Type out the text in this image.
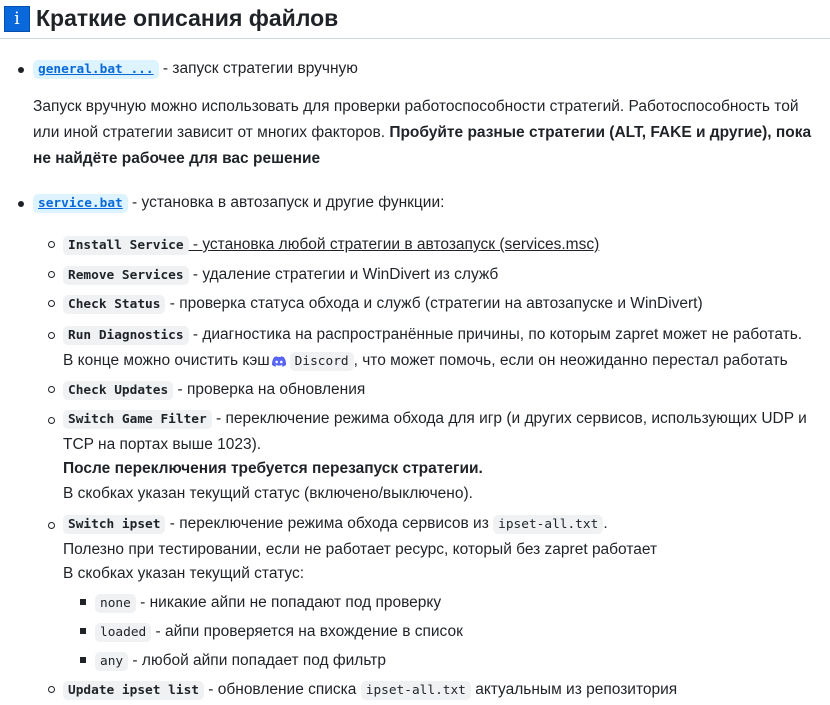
i Краткие описания файлов

general.bat ... - запуск стратегии вручную

Запуск вручную можно использовать для проверки работоспособности стратегий. Работоспособность той или иной стратегии зависит от многих факторов. Пробуйте разные стратегии (ALT, FAKE и другие), пока не найдёте рабочее для вас решение

service.bat - установка в автозапуск и другие функции:

Install Service - установка любой стратегии в автозапуск (services.msc)
Remove Services - удаление стратегии и WinDivert из служб
Check Status - проверка статуса обхода и служб (стратегии на автозапуске и WinDivert)
Run Diagnostics - диагностика на распространённые причины, по которым zapret может не работать.
В конце можно очистить кэш Discord , что может помочь, если он неожиданно перестал работать
Check Updates - проверка на обновления
Switch Game Filter - переключение режима обхода для игр (и других сервисов, использующих UDP и TCP на портах выше 1023).
После переключения требуется перезапуск стратегии.
В скобках указан текущий статус (включено/выключено).
Switch ipset - переключение режима обхода сервисов из ipset-all.txt .
Полезно при тестировании, если не работает ресурс, который без zapret работает
В скобках указан текущий статус:
none - никакие айпи не попадают под проверку
loaded - айпи проверяется на вхождение в список
any - любой айпи попадает под фильтр
Update ipset list - обновление списка ipset-all.txt актуальным из репозитория
